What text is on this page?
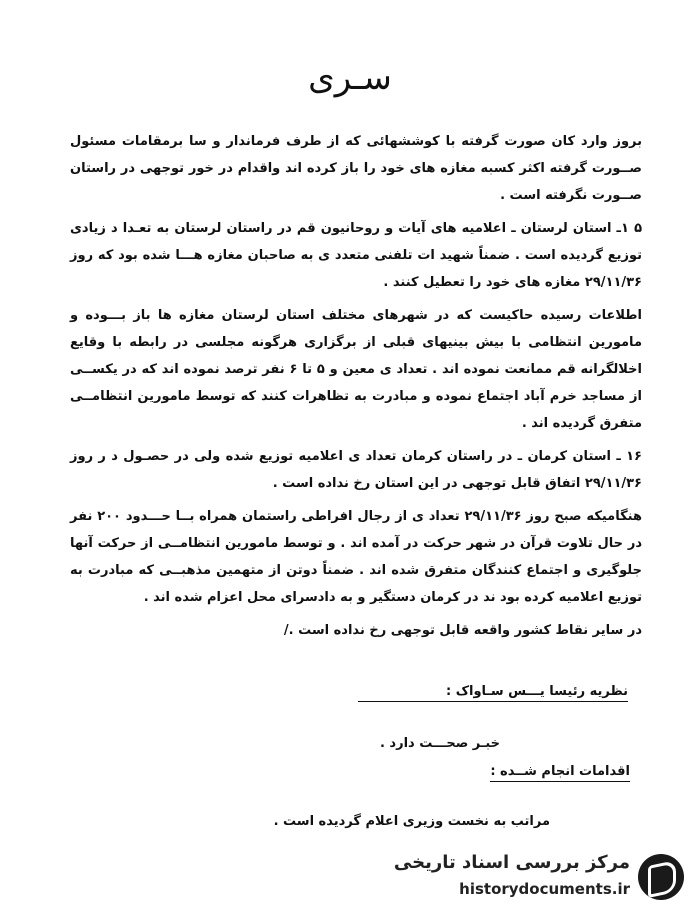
سـری

بروز وارد کان صورت گرفته با کوششهائی که از طرف فرماندار و سا برمقامات مسئول صــورت گرفته اکثر کسبه مغازه های خود را باز کرده اند واقدام در خور توجهی در راستان صــورت نگرفته است .

۵ ۱ـ استان لرستان ـ اعلامیه های آیات و روحانیون قم در راستان لرستان به تعـدا د زیادی توزیع گردیده است . ضمناً شهید ات تلفنی متعدد ی به صاحبان مغازه هـــا شده بود که روز ۲۹/۱۱/۳۶ مغازه های خود را تعطیل کنند .

اطلاعات رسیده حاکیست که در شهرهای مختلف استان لرستان مغازه ها باز بـــوده و مامورین انتظامی با بیش بینیهای قبلی از برگزاری هرگونه مجلسی در رابطه با وقایع اخلالگرانه قم ممانعت نموده اند . تعداد ی معین و ۵ تا ۶ نفر ترصد نموده اند که در یکســی از مساجد خرم آباد اجتماع نموده و مبادرت به تظاهرات کنند که توسط مامورین انتظامــی متفرق گردیده اند .

۱۶ ـ استان کرمان ـ در راستان کرمان تعداد ی اعلامیه توزیع شده ولی در حصـول د ر روز ۲۹/۱۱/۳۶ اتفاق قابل توجهی در این استان رخ نداده است .

هنگامیکه صبح روز ۲۹/۱۱/۳۶ تعداد ی از رجال افراطی راستمان همراه بــا حـــدود ۲۰۰ نفر در حال تلاوت قرآن در شهر حرکت در آمده اند . و توسط مامورین انتظامــی از حرکت آنها جلوگیری و اجتماع کنندگان متفرق شده اند . ضمناً دوتن از متهمین مذهبــی که مبادرت به توزیع اعلامیه کرده بود ند در کرمان دستگیر و به دادسرای محل اعزام شده اند .

در سایر نقاط کشور واقعه قابل توجهی رخ نداده است ./

نظریه رئیسا یـــس سـاواک :
خبـر صحـــت دارد .
اقدامات انجام شــده :
مراتب به نخست وزیری اعلام گردیده است .
مرکز بررسی اسناد تاریخی
historydocuments.ir
